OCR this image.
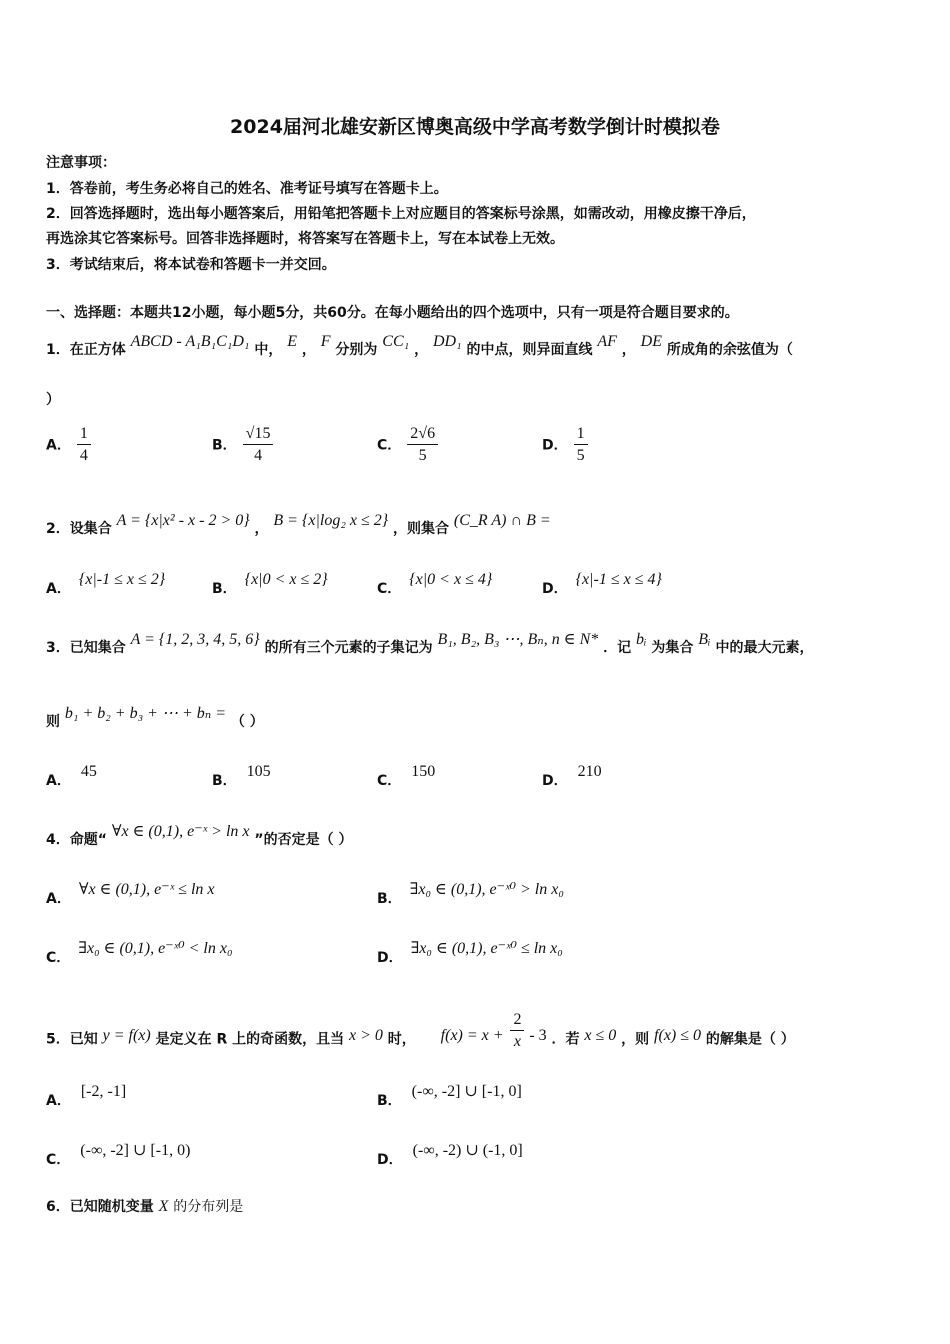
2024届河北雄安新区博奥高级中学高考数学倒计时模拟卷
注意事项：
1．答卷前，考生务必将自己的姓名、准考证号填写在答题卡上。
2．回答选择题时，选出每小题答案后，用铅笔把答题卡上对应题目的答案标号涂黑，如需改动，用橡皮擦干净后，
再选涂其它答案标号。回答非选择题时，将答案写在答题卡上，写在本试卷上无效。
3．考试结束后，将本试卷和答题卡一并交回。
一、选择题：本题共12小题，每小题5分，共60分。在每小题给出的四个选项中，只有一项是符合题目要求的。
1．在正方体 ABCD - A₁B₁C₁D₁ 中， E ， F 分别为 CC₁ ， DD₁ 的中点，则异面直线 AF ， DE 所成角的余弦值为（
）
A． $\frac{1}{4}$	B． $\frac{√15}{4}$	C． $\frac{2√6}{5}$	D． $\frac{1}{5}$
2．设集合 A = {x|x² - x - 2 > 0} ， B = {x|log₂ x ≤ 2} ，则集合 (C_R A) ∩ B =
A．{x|-1 ≤ x ≤ 2}
B．{x|0 < x ≤ 2}
C．{x|0 < x ≤ 4}
D．{x|-1 ≤ x ≤ 4}
3．已知集合 A = {1, 2, 3, 4, 5, 6} 的所有三个元素的子集记为 B₁, B₂, B₃ ⋯, Bₙ, n ∈ N* ．记 bᵢ 为集合 Bᵢ 中的最大元素，
则 b₁ + b₂ + b₃ + ⋯ + bₙ = （ ）
A．45
B．105
C．150
D．210
4．命题“ ∀x ∈ (0,1), e⁻ˣ > ln x ”的否定是（ ）
A．∀x ∈ (0,1), e⁻ˣ ≤ ln x
B．∃x₀ ∈ (0,1), e⁻ˣ⁰ > ln x₀
C．∃x₀ ∈ (0,1), e⁻ˣ⁰ < ln x₀
D．∃x₀ ∈ (0,1), e⁻ˣ⁰ ≤ ln x₀
5．已知 y = f(x) 是定义在 R 上的奇函数，且当 x > 0 时， $f(x) = x + \frac{2}{x} - 3$ ．若 x ≤ 0 ，则 f(x) ≤ 0 的解集是（ ）
A．[-2, -1]
B．(-∞, -2] ∪ [-1, 0]
C．(-∞, -2] ∪ [-1, 0)
D．(-∞, -2) ∪ (-1, 0]
6．已知随机变量 X 的分布列是
